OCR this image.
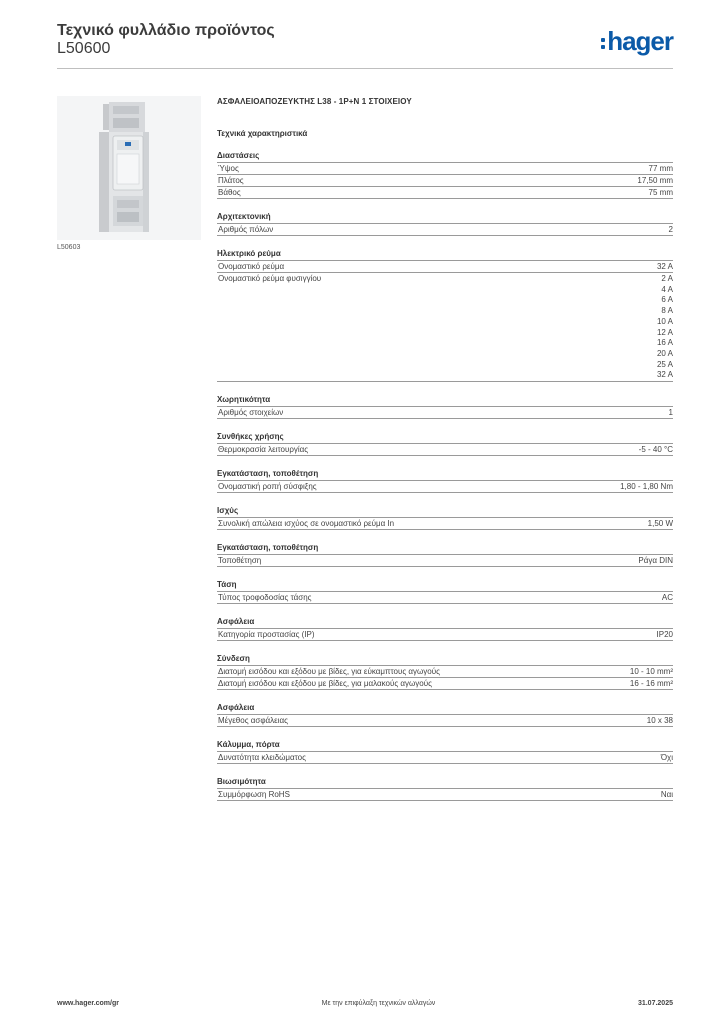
Τεχνικό φυλλάδιο προϊόντος
L50600	hager
L50603
ΑΣΦΑΛΕΙΟΑΠΟΖΕΥΚΤΗΣ L38 - 1P+N 1 ΣΤΟΙΧΕΙΟΥ
Τεχνικά χαρακτηριστικά
Διαστάσεις
Ύψος	77 mm
Πλάτος	17,50 mm
Βάθος	75 mm
Αρχιτεκτονική
Αριθμός πόλων	2
Ηλεκτρικό ρεύμα
Ονομαστικό ρεύμα	32 A
Ονομαστικό ρεύμα φυσιγγίου	2 A
4 A
6 A
8 A
10 A
12 A
16 A
20 A
25 A
32 A
Χωρητικότητα
Αριθμός στοιχείων	1
Συνθήκες χρήσης
Θερμοκρασία λειτουργίας	-5 - 40 °C
Εγκατάσταση, τοποθέτηση
Ονομαστική ροπή σύσφιξης	1,80 - 1,80 Nm
Ισχύς
Συνολική απώλεια ισχύος σε ονομαστικό ρεύμα In	1,50 W
Εγκατάσταση, τοποθέτηση
Τοποθέτηση	Ράγα DIN
Τάση
Τύπος τροφοδοσίας τάσης	AC
Ασφάλεια
Κατηγορία προστασίας (IP)	IP20
Σύνδεση
Διατομή εισόδου και εξόδου με βίδες, για εύκαμπτους αγωγούς	10 - 10 mm²
Διατομή εισόδου και εξόδου με βίδες, για μαλακούς αγωγούς	16 - 16 mm²
Ασφάλεια
Μέγεθος ασφάλειας	10 x 38
Κάλυμμα, πόρτα
Δυνατότητα κλειδώματος	Όχι
Βιωσιμότητα
Συμμόρφωση RoHS	Ναι
www.hager.com/gr	Με την επιφύλαξη τεχνικών αλλαγών	31.07.2025
